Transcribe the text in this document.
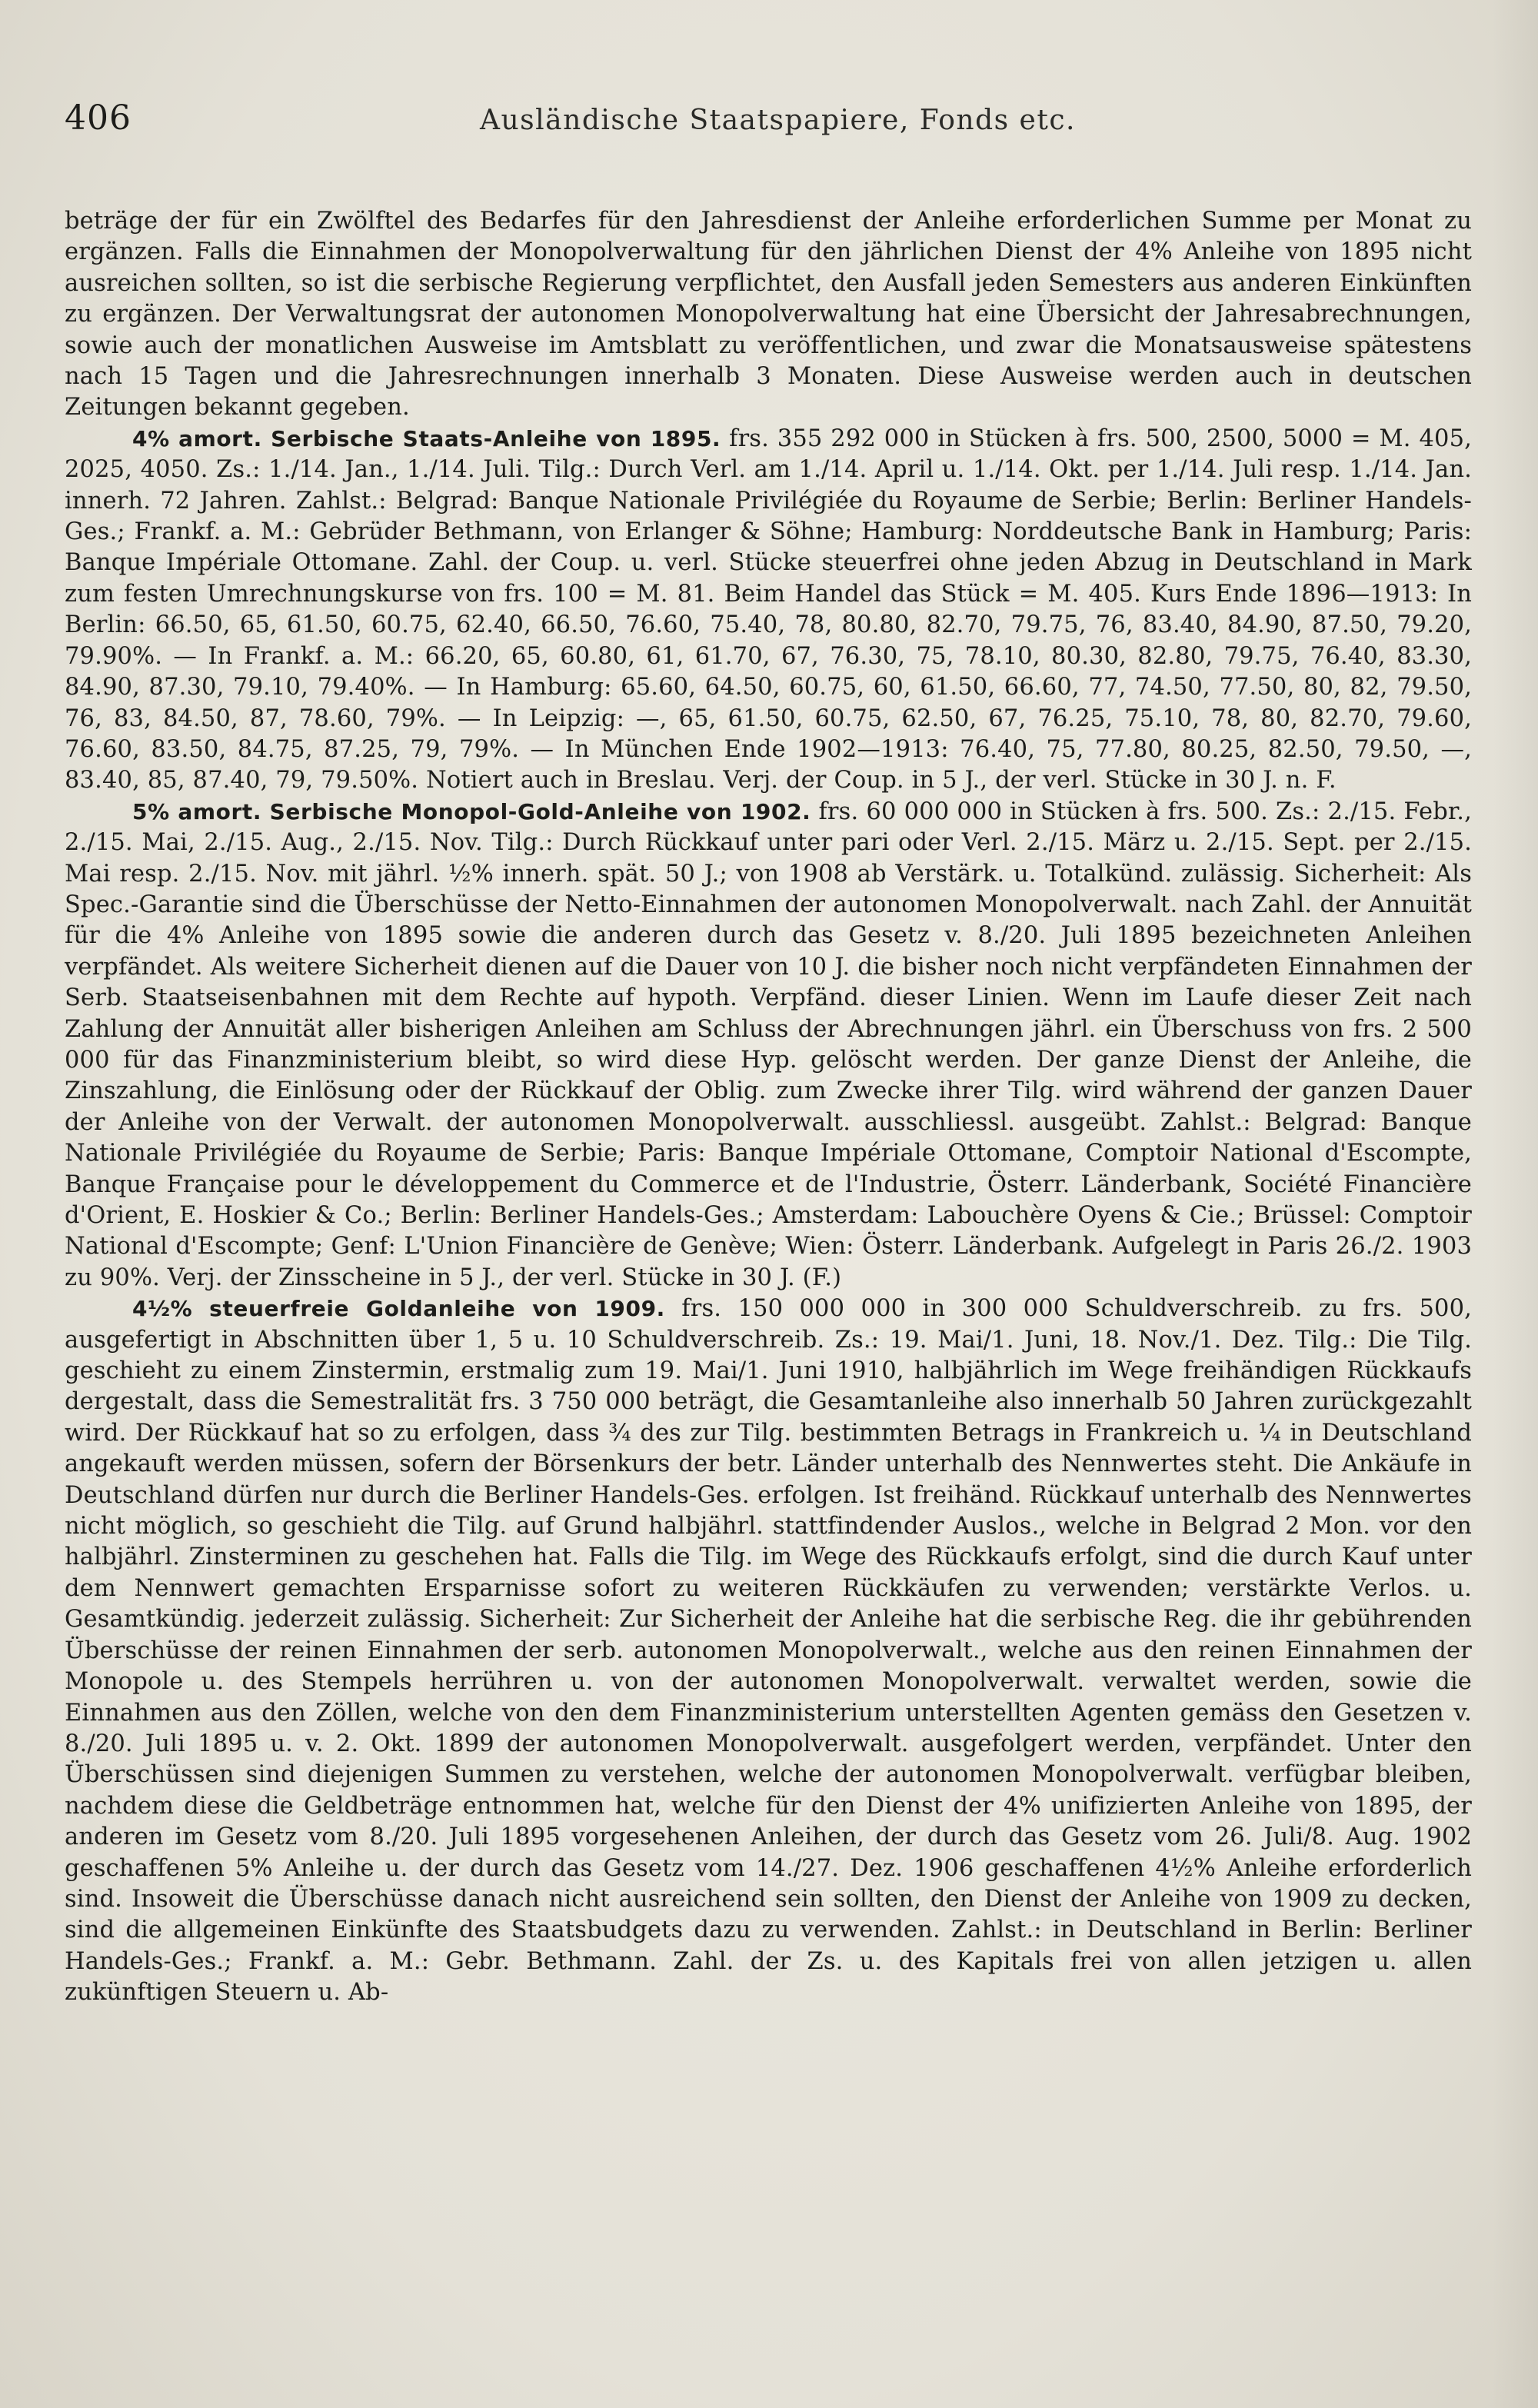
406	Ausländische Staatspapiere, Fonds etc.

beträge der für ein Zwölftel des Bedarfes für den Jahresdienst der Anleihe erforderlichen Summe per Monat zu ergänzen. Falls die Einnahmen der Monopolverwaltung für den jährlichen Dienst der 4% Anleihe von 1895 nicht ausreichen sollten, so ist die serbische Regierung verpflichtet, den Ausfall jeden Semesters aus anderen Einkünften zu ergänzen. Der Verwaltungsrat der autonomen Monopolverwaltung hat eine Übersicht der Jahresabrechnungen, sowie auch der monatlichen Ausweise im Amtsblatt zu veröffentlichen, und zwar die Monatsausweise spätestens nach 15 Tagen und die Jahresrechnungen innerhalb 3 Monaten. Diese Ausweise werden auch in deutschen Zeitungen bekannt gegeben.

4% amort. Serbische Staats-Anleihe von 1895. frs. 355 292 000 in Stücken à frs. 500, 2500, 5000 = M. 405, 2025, 4050. Zs.: 1./14. Jan., 1./14. Juli. Tilg.: Durch Verl. am 1./14. April u. 1./14. Okt. per 1./14. Juli resp. 1./14. Jan. innerh. 72 Jahren. Zahlst.: Belgrad: Banque Nationale Privilégiée du Royaume de Serbie; Berlin: Berliner Handels-Ges.; Frankf. a. M.: Gebrüder Bethmann, von Erlanger & Söhne; Hamburg: Norddeutsche Bank in Hamburg; Paris: Banque Impériale Ottomane. Zahl. der Coup. u. verl. Stücke steuerfrei ohne jeden Abzug in Deutschland in Mark zum festen Umrechnungskurse von frs. 100 = M. 81. Beim Handel das Stück = M. 405. Kurs Ende 1896—1913: In Berlin: 66.50, 65, 61.50, 60.75, 62.40, 66.50, 76.60, 75.40, 78, 80.80, 82.70, 79.75, 76, 83.40, 84.90, 87.50, 79.20, 79.90%. — In Frankf. a. M.: 66.20, 65, 60.80, 61, 61.70, 67, 76.30, 75, 78.10, 80.30, 82.80, 79.75, 76.40, 83.30, 84.90, 87.30, 79.10, 79.40%. — In Hamburg: 65.60, 64.50, 60.75, 60, 61.50, 66.60, 77, 74.50, 77.50, 80, 82, 79.50, 76, 83, 84.50, 87, 78.60, 79%. — In Leipzig: —, 65, 61.50, 60.75, 62.50, 67, 76.25, 75.10, 78, 80, 82.70, 79.60, 76.60, 83.50, 84.75, 87.25, 79, 79%. — In München Ende 1902—1913: 76.40, 75, 77.80, 80.25, 82.50, 79.50, —, 83.40, 85, 87.40, 79, 79.50%. Notiert auch in Breslau. Verj. der Coup. in 5 J., der verl. Stücke in 30 J. n. F.

5% amort. Serbische Monopol-Gold-Anleihe von 1902. frs. 60 000 000 in Stücken à frs. 500. Zs.: 2./15. Febr., 2./15. Mai, 2./15. Aug., 2./15. Nov. Tilg.: Durch Rückkauf unter pari oder Verl. 2./15. März u. 2./15. Sept. per 2./15. Mai resp. 2./15. Nov. mit jährl. ½% innerh. spät. 50 J.; von 1908 ab Verstärk. u. Totalkünd. zulässig. Sicherheit: Als Spec.-Garantie sind die Überschüsse der Netto-Einnahmen der autonomen Monopolverwalt. nach Zahl. der Annuität für die 4% Anleihe von 1895 sowie die anderen durch das Gesetz v. 8./20. Juli 1895 bezeichneten Anleihen verpfändet. Als weitere Sicherheit dienen auf die Dauer von 10 J. die bisher noch nicht verpfändeten Einnahmen der Serb. Staatseisenbahnen mit dem Rechte auf hypoth. Verpfänd. dieser Linien. Wenn im Laufe dieser Zeit nach Zahlung der Annuität aller bisherigen Anleihen am Schluss der Abrechnungen jährl. ein Überschuss von frs. 2 500 000 für das Finanzministerium bleibt, so wird diese Hyp. gelöscht werden. Der ganze Dienst der Anleihe, die Zinszahlung, die Einlösung oder der Rückkauf der Oblig. zum Zwecke ihrer Tilg. wird während der ganzen Dauer der Anleihe von der Verwalt. der autonomen Monopolverwalt. ausschliessl. ausgeübt. Zahlst.: Belgrad: Banque Nationale Privilégiée du Royaume de Serbie; Paris: Banque Impériale Ottomane, Comptoir National d'Escompte, Banque Française pour le développement du Commerce et de l'Industrie, Österr. Länderbank, Société Financière d'Orient, E. Hoskier & Co.; Berlin: Berliner Handels-Ges.; Amsterdam: Labouchère Oyens & Cie.; Brüssel: Comptoir National d'Escompte; Genf: L'Union Financière de Genève; Wien: Österr. Länderbank. Aufgelegt in Paris 26./2. 1903 zu 90%. Verj. der Zinsscheine in 5 J., der verl. Stücke in 30 J. (F.)

4½% steuerfreie Goldanleihe von 1909. frs. 150 000 000 in 300 000 Schuldverschreib. zu frs. 500, ausgefertigt in Abschnitten über 1, 5 u. 10 Schuldverschreib. Zs.: 19. Mai/1. Juni, 18. Nov./1. Dez. Tilg.: Die Tilg. geschieht zu einem Zinstermin, erstmalig zum 19. Mai/1. Juni 1910, halbjährlich im Wege freihändigen Rückkaufs dergestalt, dass die Semestralität frs. 3 750 000 beträgt, die Gesamtanleihe also innerhalb 50 Jahren zurückgezahlt wird. Der Rückkauf hat so zu erfolgen, dass ¾ des zur Tilg. bestimmten Betrags in Frankreich u. ¼ in Deutschland angekauft werden müssen, sofern der Börsenkurs der betr. Länder unterhalb des Nennwertes steht. Die Ankäufe in Deutschland dürfen nur durch die Berliner Handels-Ges. erfolgen. Ist freihänd. Rückkauf unterhalb des Nennwertes nicht möglich, so geschieht die Tilg. auf Grund halbjährl. stattfindender Auslos., welche in Belgrad 2 Mon. vor den halbjährl. Zinsterminen zu geschehen hat. Falls die Tilg. im Wege des Rückkaufs erfolgt, sind die durch Kauf unter dem Nennwert gemachten Ersparnisse sofort zu weiteren Rückkäufen zu verwenden; verstärkte Verlos. u. Gesamtkündig. jederzeit zulässig. Sicherheit: Zur Sicherheit der Anleihe hat die serbische Reg. die ihr gebührenden Überschüsse der reinen Einnahmen der serb. autonomen Monopolverwalt., welche aus den reinen Einnahmen der Monopole u. des Stempels herrühren u. von der autonomen Monopolverwalt. verwaltet werden, sowie die Einnahmen aus den Zöllen, welche von den dem Finanzministerium unterstellten Agenten gemäss den Gesetzen v. 8./20. Juli 1895 u. v. 2. Okt. 1899 der autonomen Monopolverwalt. ausgefolgert werden, verpfändet. Unter den Überschüssen sind diejenigen Summen zu verstehen, welche der autonomen Monopolverwalt. verfügbar bleiben, nachdem diese die Geldbeträge entnommen hat, welche für den Dienst der 4% unifizierten Anleihe von 1895, der anderen im Gesetz vom 8./20. Juli 1895 vorgesehenen Anleihen, der durch das Gesetz vom 26. Juli/8. Aug. 1902 geschaffenen 5% Anleihe u. der durch das Gesetz vom 14./27. Dez. 1906 geschaffenen 4½% Anleihe erforderlich sind. Insoweit die Überschüsse danach nicht ausreichend sein sollten, den Dienst der Anleihe von 1909 zu decken, sind die allgemeinen Einkünfte des Staatsbudgets dazu zu verwenden. Zahlst.: in Deutschland in Berlin: Berliner Handels-Ges.; Frankf. a. M.: Gebr. Bethmann. Zahl. der Zs. u. des Kapitals frei von allen jetzigen u. allen zukünftigen Steuern u. Ab-
